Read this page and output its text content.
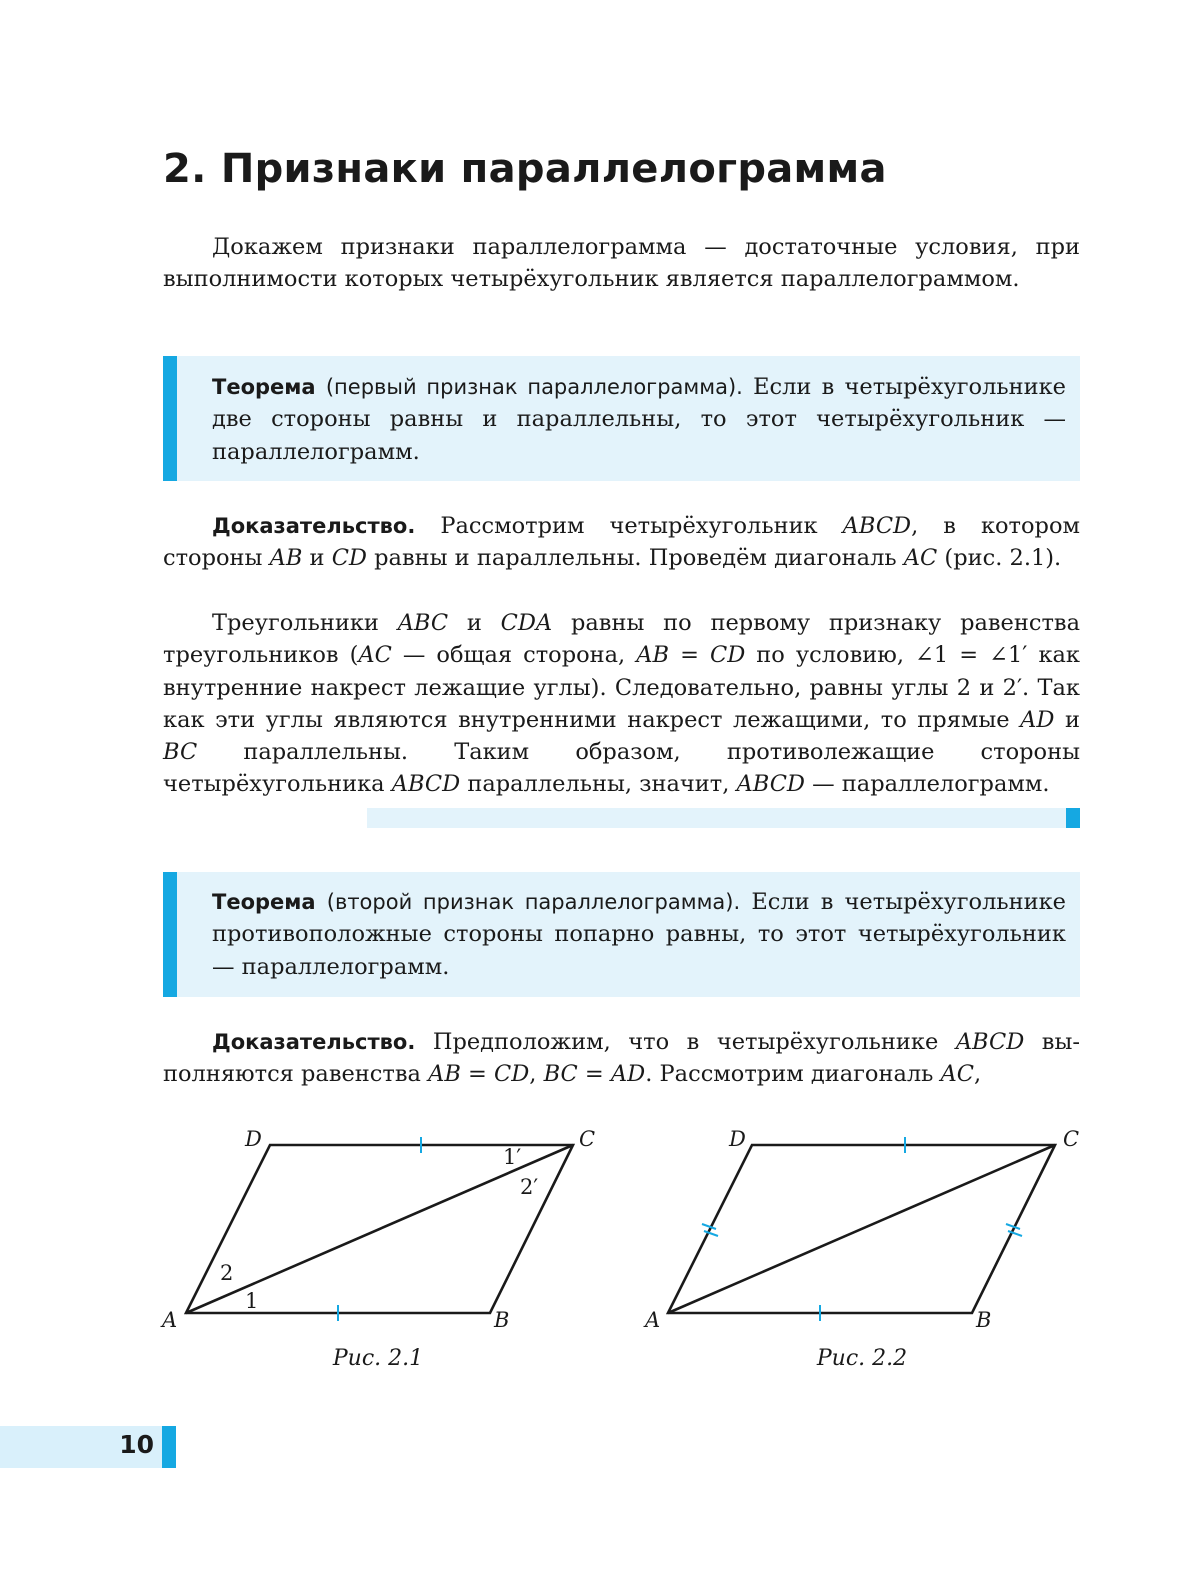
2. Признаки параллелограмма

Докажем признаки параллелограмма — достаточные условия, при выполнимости которых четырёхугольник является параллелограммом.

Теорема (первый признак параллелограмма). Если в четырёхугольнике две стороны равны и параллельны, то этот четырёхугольник — параллелограмм.

Доказательство. Рассмотрим четырёхугольник ABCD, в котором стороны AB и CD равны и параллельны. Проведём диагональ AC (рис. 2.1).

Треугольники ABC и CDA равны по первому признаку равенства треугольников (AC — общая сторона, AB = CD по условию, ∠1 = ∠1′ как внутренние накрест лежащие углы). Следовательно, равны углы 2 и 2′. Так как эти углы являются внутренними накрест лежащими, то прямые AD и BC параллельны. Таким образом, противолежащие стороны четырёхугольника ABCD параллельны, значит, ABCD — параллелограмм.

Теорема (второй признак параллелограмма). Если в четырёхугольнике противоположные стороны попарно равны, то этот четырёхугольник — параллелограмм.

Доказательство. Предположим, что в четырёхугольнике ABCD выполняются равенства AB = CD, BC = AD. Рассмотрим диагональ AC,

D	C
A	B
2
1
1′
2′
D	C
A	B

Рис. 2.1	Рис. 2.2

10
